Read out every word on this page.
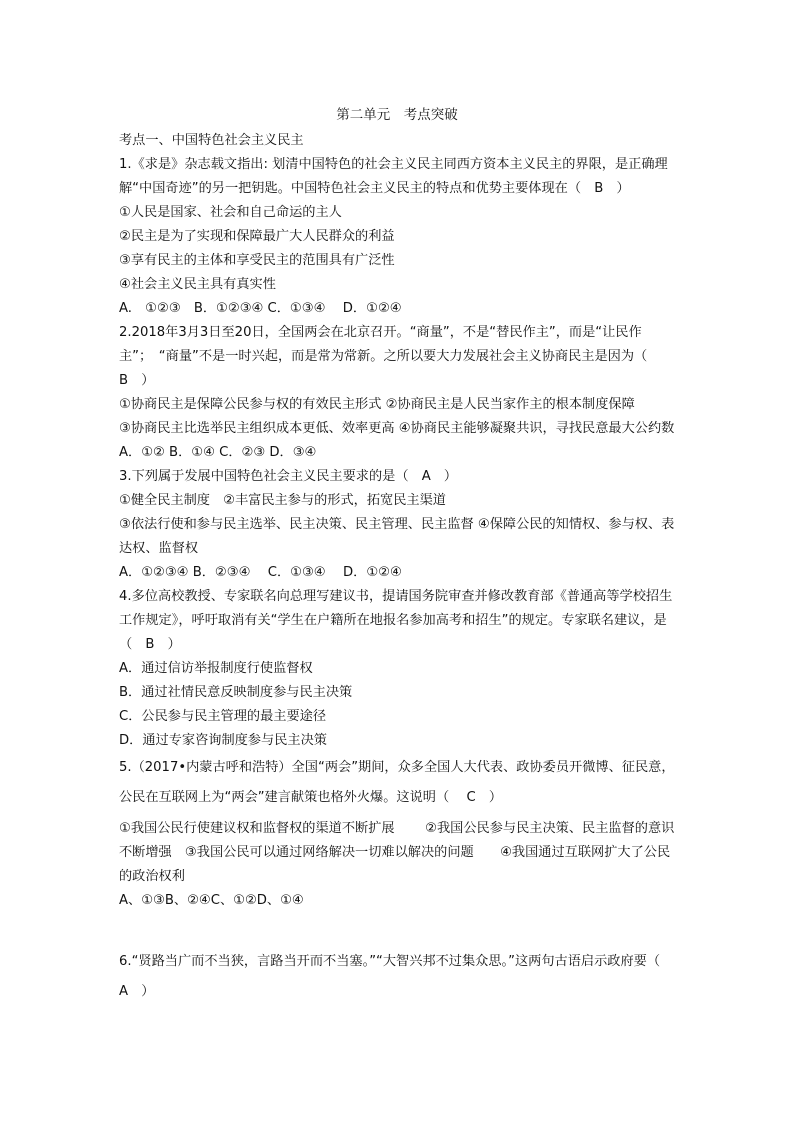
第二单元　考点突破
考点一、中国特色社会主义民主
1.《求是》杂志载文指出: 划清中国特色的社会主义民主同西方资本主义民主的界限，是正确理解“中国奇迹”的另一把钥匙。中国特色社会主义民主的特点和优势主要体现在（　B　）
①人民是国家、社会和自己命运的主人
②民主是为了实现和保障最广大人民群众的利益
③享有民主的主体和享受民主的范围具有广泛性
④社会主义民主具有真实性
A.　①②③　B．①②③④ C．①③④　 D．①②④
2.2018年3月3日至20日，全国两会在北京召开。“商量”，不是“替民作主”，而是“让民作主”；　“商量”不是一时兴起，而是常为常新。之所以要大力发展社会主义协商民主是因为（　B　）
①协商民主是保障公民参与权的有效民主形式 ②协商民主是人民当家作主的根本制度保障
③协商民主比选举民主组织成本更低、效率更高 ④协商民主能够凝聚共识，寻找民意最大公约数
A．①② B．①④ C．②③ D．③④
3.下列属于发展中国特色社会主义民主要求的是（　A　）
①健全民主制度　②丰富民主参与的形式，拓宽民主渠道
③依法行使和参与民主选举、民主决策、民主管理、民主监督 ④保障公民的知情权、参与权、表达权、监督权
A．①②③④ B．②③④　 C．①③④　 D．①②④
4.多位高校教授、专家联名向总理写建议书，提请国务院审查并修改教育部《普通高等学校招生工作规定》，呼吁取消有关“学生在户籍所在地报名参加高考和招生”的规定。专家联名建议，是（　B　）
A．通过信访举报制度行使监督权
B．通过社情民意反映制度参与民主决策
C．公民参与民主管理的最主要途径
D．通过专家咨询制度参与民主决策
5.（2017•内蒙古呼和浩特）全国“两会”期间，众多全国人大代表、政协委员开微博、征民意，公民在互联网上为“两会”建言献策也格外火爆。这说明（　 C　）
①我国公民行使建议权和监督权的渠道不断扩展　　 ②我国公民参与民主决策、民主监督的意识不断增强　③我国公民可以通过网络解决一切难以解决的问题　　④我国通过互联网扩大了公民的政治权利
A、①③B、②④C、①②D、①④
6.“贤路当广而不当狭，言路当开而不当塞。”“大智兴邦不过集众思。”这两句古语启示政府要（　A　）
